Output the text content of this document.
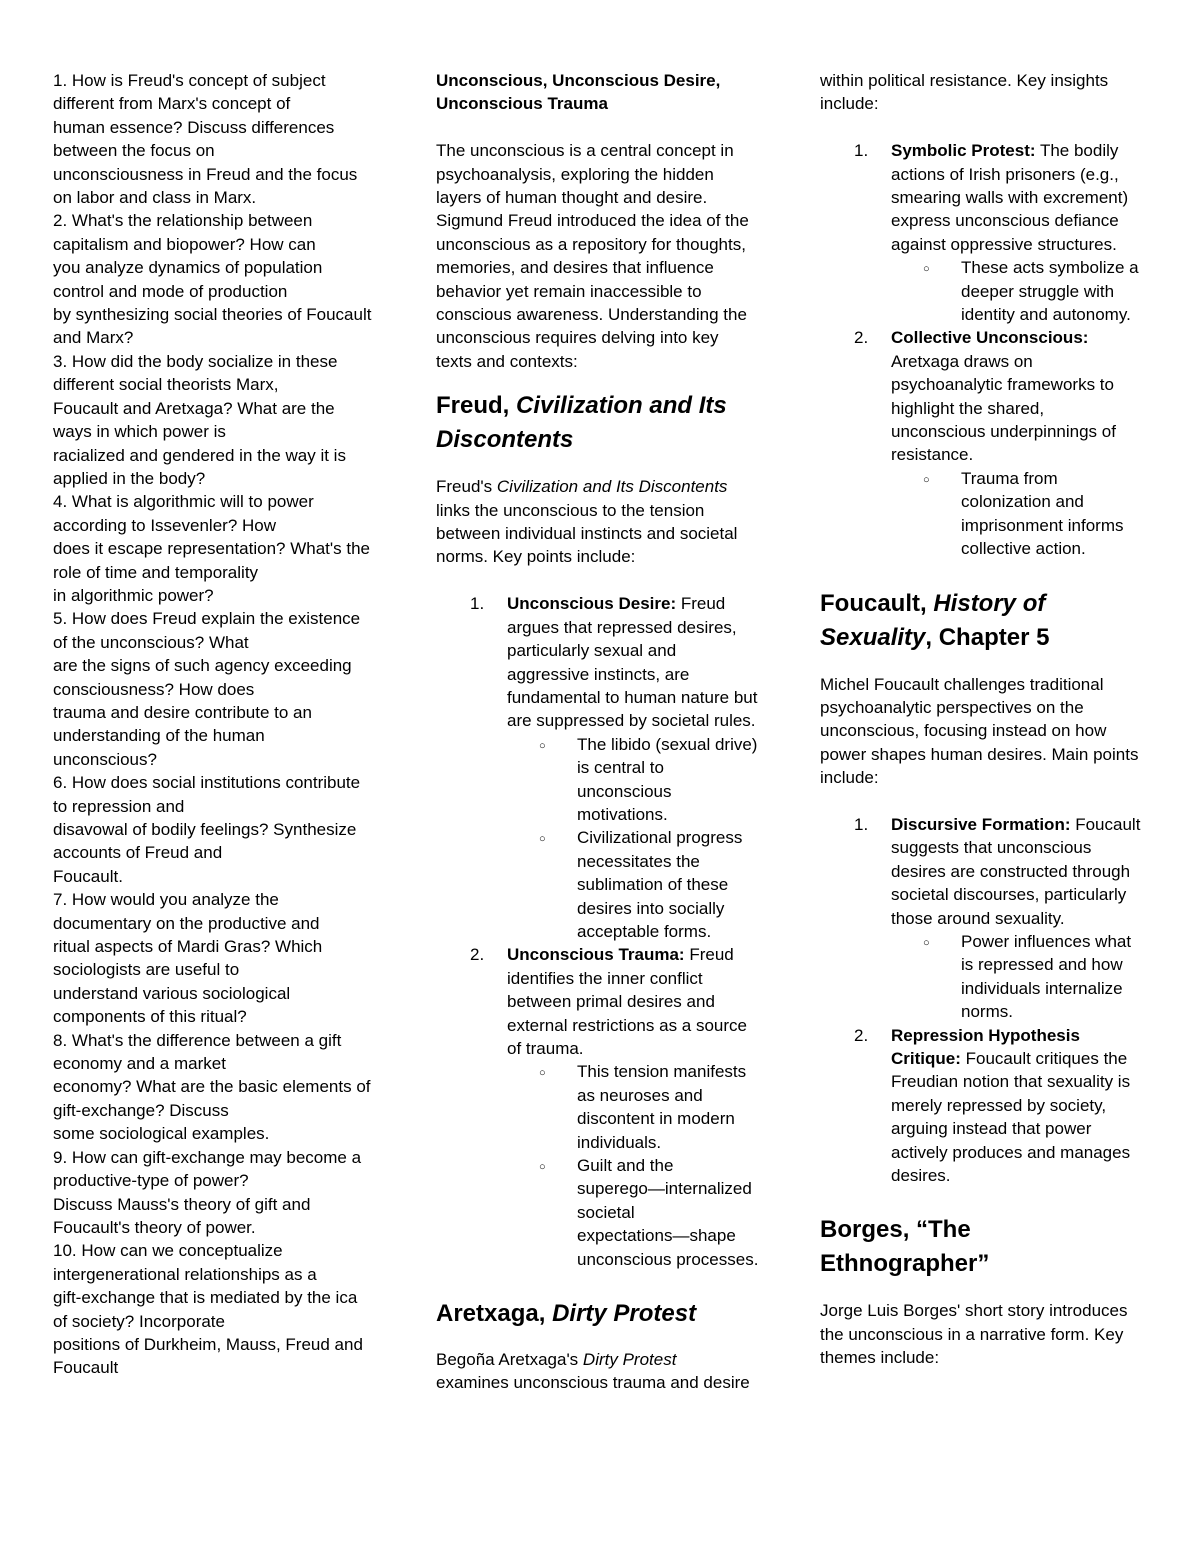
1. How is Freud's concept of subject
different from Marx's concept of
human essence? Discuss differences
between the focus on
unconsciousness in Freud and the focus
on labor and class in Marx.
2. What's the relationship between
capitalism and biopower? How can
you analyze dynamics of population
control and mode of production
by synthesizing social theories of Foucault
and Marx?
3. How did the body socialize in these
different social theorists Marx,
Foucault and Aretxaga? What are the
ways in which power is
racialized and gendered in the way it is
applied in the body?
4. What is algorithmic will to power
according to Issevenler? How
does it escape representation? What's the
role of time and temporality
in algorithmic power?
5. How does Freud explain the existence
of the unconscious? What
are the signs of such agency exceeding
consciousness? How does
trauma and desire contribute to an
understanding of the human
unconscious?
6. How does social institutions contribute
to repression and
disavowal of bodily feelings? Synthesize
accounts of Freud and
Foucault.
7. How would you analyze the
documentary on the productive and
ritual aspects of Mardi Gras? Which
sociologists are useful to
understand various sociological
components of this ritual?
8. What's the difference between a gift
economy and a market
economy? What are the basic elements of
gift-exchange? Discuss
some sociological examples.
9. How can gift-exchange may become a
productive-type of power?
Discuss Mauss's theory of gift and
Foucault's theory of power.
10. How can we conceptualize
intergenerational relationships as a
gift-exchange that is mediated by the ica
of society? Incorporate
positions of Durkheim, Mauss, Freud and
Foucault
Unconscious, Unconscious Desire,
Unconscious Trauma
The unconscious is a central concept in
psychoanalysis, exploring the hidden
layers of human thought and desire.
Sigmund Freud introduced the idea of the
unconscious as a repository for thoughts,
memories, and desires that influence
behavior yet remain inaccessible to
conscious awareness. Understanding the
unconscious requires delving into key
texts and contexts:
Freud, Civilization and Its
Discontents
Freud's Civilization and Its Discontents
links the unconscious to the tension
between individual instincts and societal
norms. Key points include:
1. Unconscious Desire: Freud
argues that repressed desires,
particularly sexual and
aggressive instincts, are
fundamental to human nature but
are suppressed by societal rules.
○ The libido (sexual drive)
is central to
unconscious
motivations.
○ Civilizational progress
necessitates the
sublimation of these
desires into socially
acceptable forms.
2. Unconscious Trauma: Freud
identifies the inner conflict
between primal desires and
external restrictions as a source
of trauma.
○ This tension manifests
as neuroses and
discontent in modern
individuals.
○ Guilt and the
superego—internalized
societal
expectations—shape
unconscious processes.
Aretxaga, Dirty Protest
Begoña Aretxaga's Dirty Protest
examines unconscious trauma and desire
within political resistance. Key insights
include:
1. Symbolic Protest: The bodily
actions of Irish prisoners (e.g.,
smearing walls with excrement)
express unconscious defiance
against oppressive structures.
○ These acts symbolize a
deeper struggle with
identity and autonomy.
2. Collective Unconscious:
Aretxaga draws on
psychoanalytic frameworks to
highlight the shared,
unconscious underpinnings of
resistance.
○ Trauma from
colonization and
imprisonment informs
collective action.
Foucault, History of
Sexuality, Chapter 5
Michel Foucault challenges traditional
psychoanalytic perspectives on the
unconscious, focusing instead on how
power shapes human desires. Main points
include:
1. Discursive Formation: Foucault
suggests that unconscious
desires are constructed through
societal discourses, particularly
those around sexuality.
○ Power influences what
is repressed and how
individuals internalize
norms.
2. Repression Hypothesis
Critique: Foucault critiques the
Freudian notion that sexuality is
merely repressed by society,
arguing instead that power
actively produces and manages
desires.
Borges, “The
Ethnographer”
Jorge Luis Borges' short story introduces
the unconscious in a narrative form. Key
themes include:
